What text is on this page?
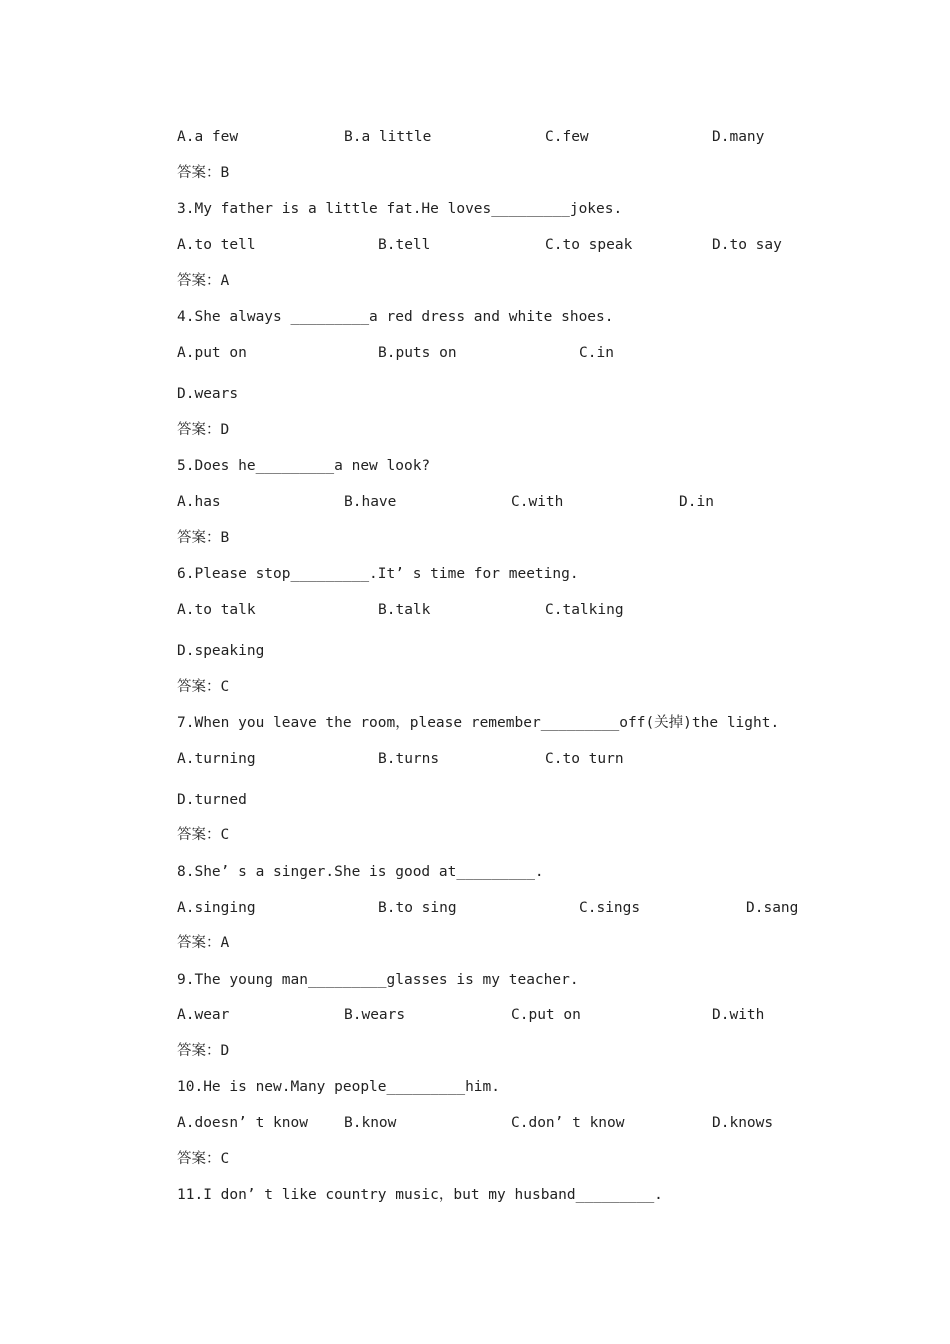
A.a few	B.a little	C.few	D.many
答案：B
3.My father is a little fat.He loves_________jokes.
A.to tell	B.tell	C.to speak	D.to say
答案：A
4.She always _________a red dress and white shoes.
A.put on	B.puts on	C.in
D.wears
答案：D
5.Does he_________a new look?
A.has	B.have	C.with	D.in
答案：B
6.Please stop_________.It’ s time for meeting.
A.to talk	B.talk	C.talking
D.speaking
答案：C
7.When you leave the room，please remember_________off(关掉)the light.
A.turning	B.turns	C.to turn
D.turned
答案：C
8.She’ s a singer.She is good at_________.
A.singing	B.to sing	C.sings	D.sang
答案：A
9.The young man_________glasses is my teacher.
A.wear	B.wears	C.put on	D.with
答案：D
10.He is new.Many people_________him.
A.doesn’ t know B.know	C.don’ t know	D.knows
答案：C
11.I don’ t like country music，but my husband_________.
